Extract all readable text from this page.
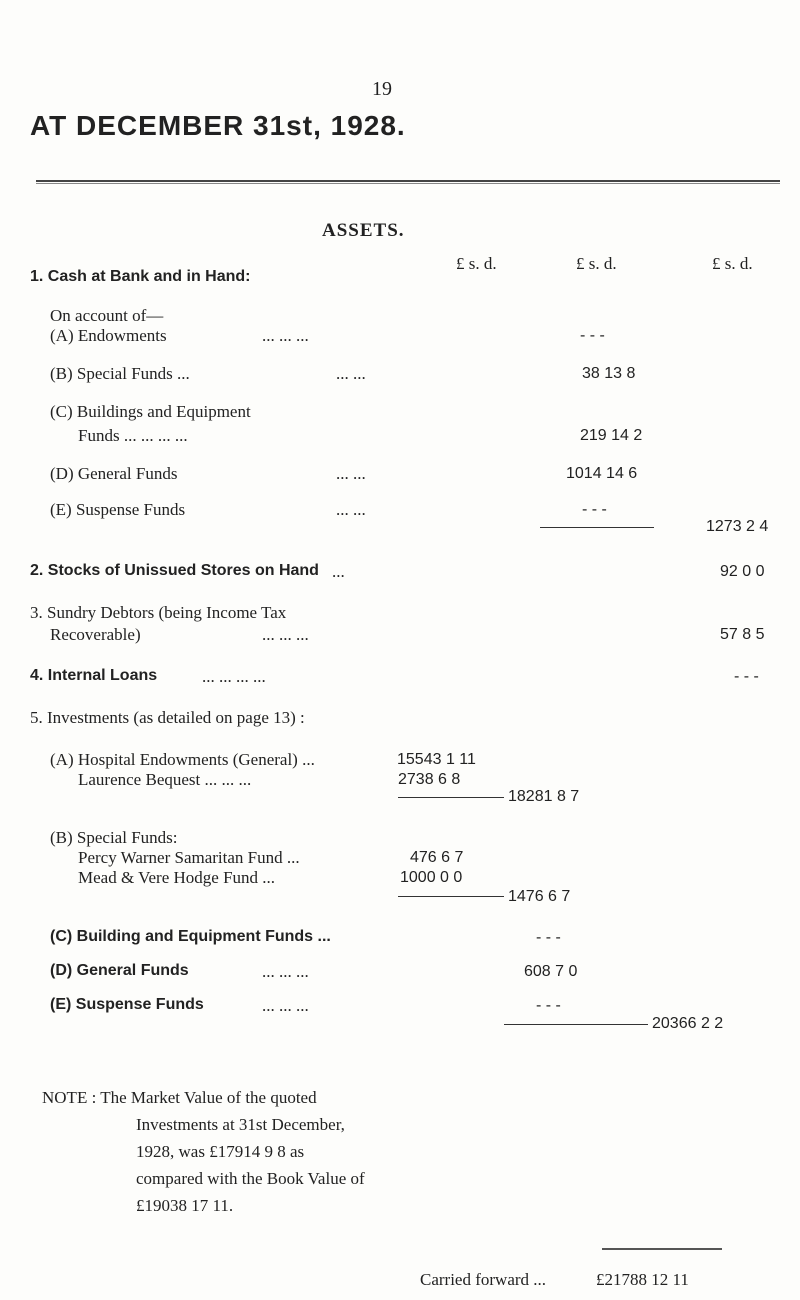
19
AT DECEMBER 31st, 1928.
ASSETS.
£ s. d.	£ s. d.	£ s. d.
1. Cash at Bank and in Hand:
On account of—
(A) Endowments	... ... ...	- - -
(B) Special Funds ...	... ...	38 13 8
(C) Buildings and Equipment
Funds ... ... ... ...	219 14 2
(D) General Funds	... ...	1014 14 6
(E) Suspense Funds	... ...	- - -
1273 2 4
2. Stocks of Unissued Stores on Hand ...	92 0 0
3. Sundry Debtors (being Income Tax
Recoverable)	... ... ...	57 8 5
4. Internal Loans	... ... ... ...	- - -
5. Investments (as detailed on page 13) :
(A) Hospital Endowments (General) ...	15543 1 11
Laurence Bequest ... ... ...	2738 6 8
18281 8 7
(B) Special Funds:
Percy Warner Samaritan Fund ...	476 6 7
Mead & Vere Hodge Fund ...	1000 0 0
1476 6 7
(C) Building and Equipment Funds ...	- - -
(D) General Funds	... ... ...	608 7 0
(E) Suspense Funds	... ... ...	- - -
20366 2 2
NOTE : The Market Value of the quoted
Investments at 31st December,
1928, was £17914 9 8 as
compared with the Book Value of
£19038 17 11.
Carried forward ...	£21788 12 11
